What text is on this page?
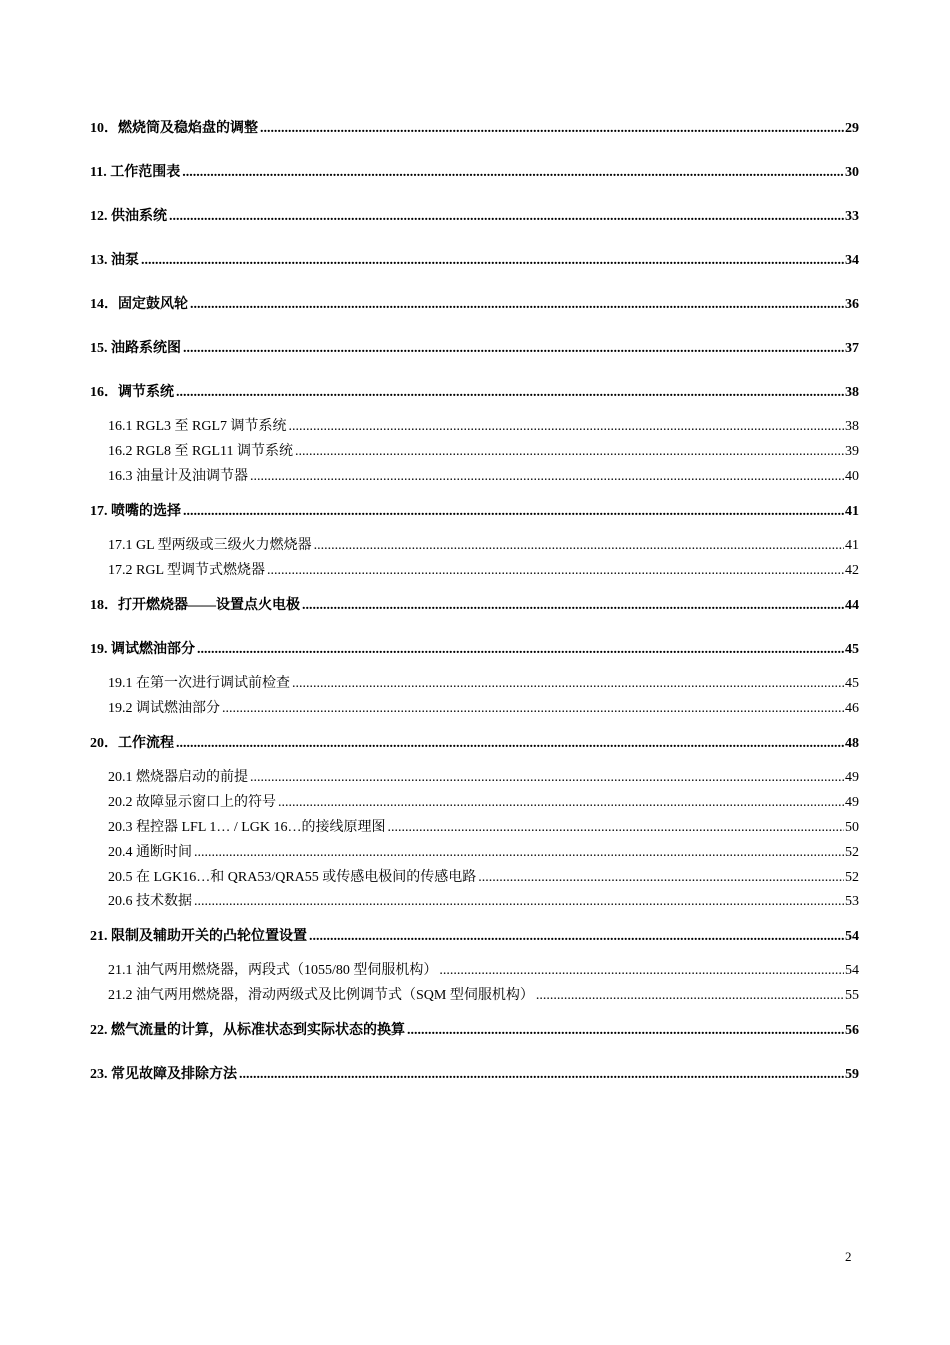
10．燃烧筒及稳焰盘的调整 .....	29
11. 工作范围表 .....	30
12. 供油系统 .....	33
13. 油泵 .....	34
14．固定鼓风轮 .....	36
15. 油路系统图 .....	37
16．调节系统 .....	38
16.1 RGL3 至 RGL7 调节系统 .....	38
16.2 RGL8 至 RGL11 调节系统 .....	39
16.3 油量计及油调节器 .....	40
17. 喷嘴的选择 .....	41
17.1 GL 型两级或三级火力燃烧器 .....	41
17.2 RGL 型调节式燃烧器 .....	42
18．打开燃烧器——设置点火电极 .....	44
19. 调试燃油部分 .....	45
19.1 在第一次进行调试前检查 .....	45
19.2 调试燃油部分 .....	46
20．工作流程 .....	48
20.1 燃烧器启动的前提 .....	49
20.2 故障显示窗口上的符号 .....	49
20.3 程控器 LFL 1… / LGK 16…的接线原理图 .....	50
20.4 通断时间 .....	52
20.5 在 LGK16…和 QRA53/QRA55 或传感电极间的传感电路 .....	52
20.6 技术数据 .....	53
21. 限制及辅助开关的凸轮位置设置 .....	54
21.1 油气两用燃烧器，两段式（1055/80 型伺服机构） .....	54
21.2 油气两用燃烧器，滑动两级式及比例调节式（SQM 型伺服机构） .....	55
22. 燃气流量的计算，从标准状态到实际状态的换算 .....	56
23. 常见故障及排除方法 .....	59
2
